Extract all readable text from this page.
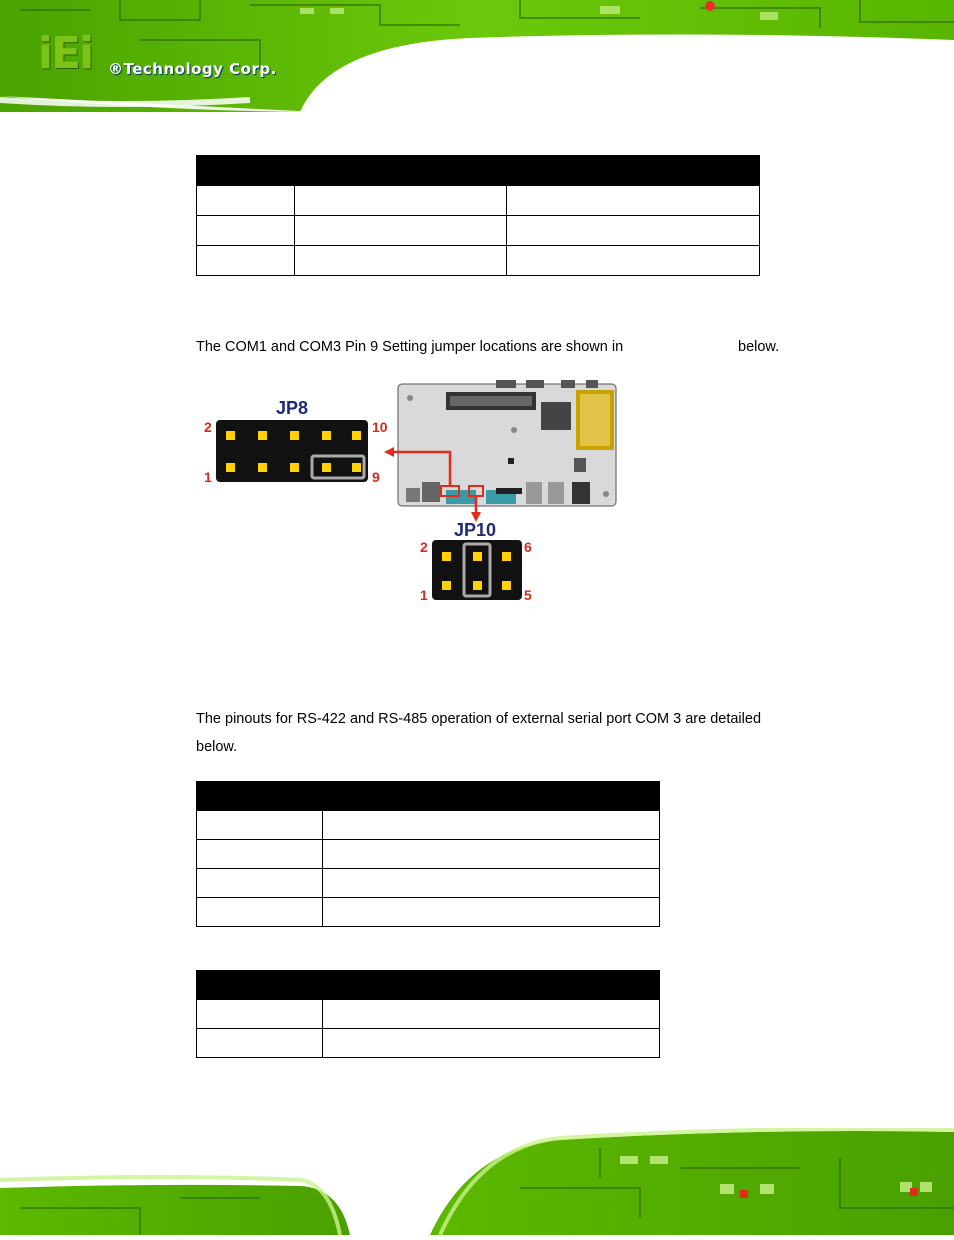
iEi ®Technology Corp.

The COM1 and COM3 Pin 9 Setting jumper locations are shown in	below.
JP8
2	10
1	9
JP10
2	6
1	5
The pinouts for RS-422 and RS-485 operation of external serial port COM 3 are detailed
below.
